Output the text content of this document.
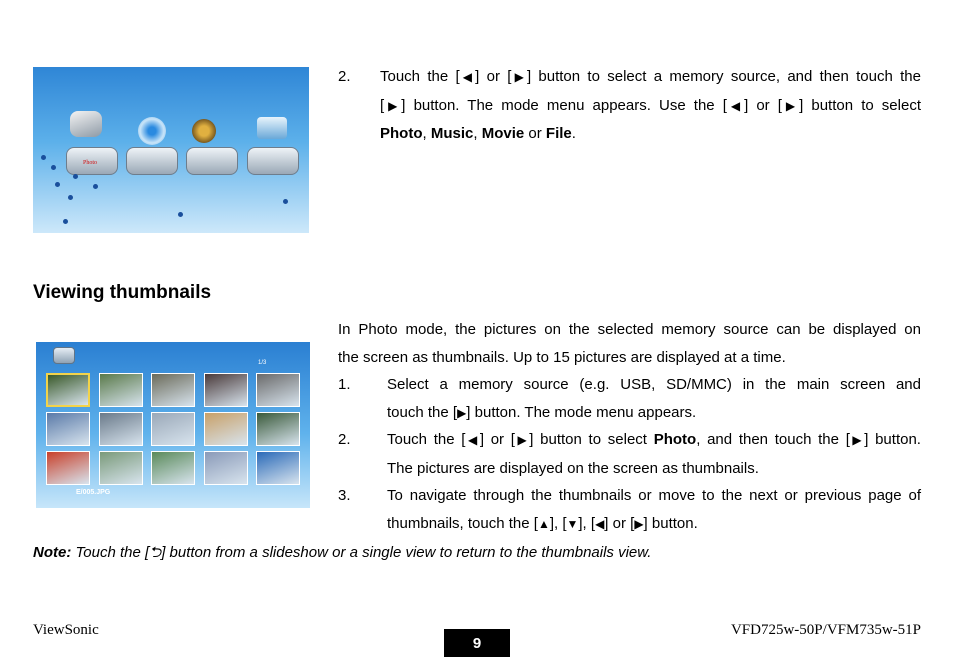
Photo
2. Touch the [◀] or [▶] button to select a memory source, and then touch the
[▶] button. The mode menu appears. Use the [◀] or [▶] button to select
Photo, Music, Movie or File.
Viewing thumbnails
1/3
E/005.JPG
In Photo mode, the pictures on the selected memory source can be displayed on
the screen as thumbnails. Up to 15 pictures are displayed at a time.
1. Select a memory source (e.g. USB, SD/MMC) in the main screen and
touch the [▶] button. The mode menu appears.
2. Touch the [◀] or [▶] button to select Photo, and then touch the [▶] button.
The pictures are displayed on the screen as thumbnails.
3. To navigate through the thumbnails or move to the next or previous page of
thumbnails, touch the [▲], [▼], [◀] or [▶] button.
Note: Touch the [⮌] button from a slideshow or a single view to return to the thumbnails view.
ViewSonic
9
VFD725w-50P/VFM735w-51P
